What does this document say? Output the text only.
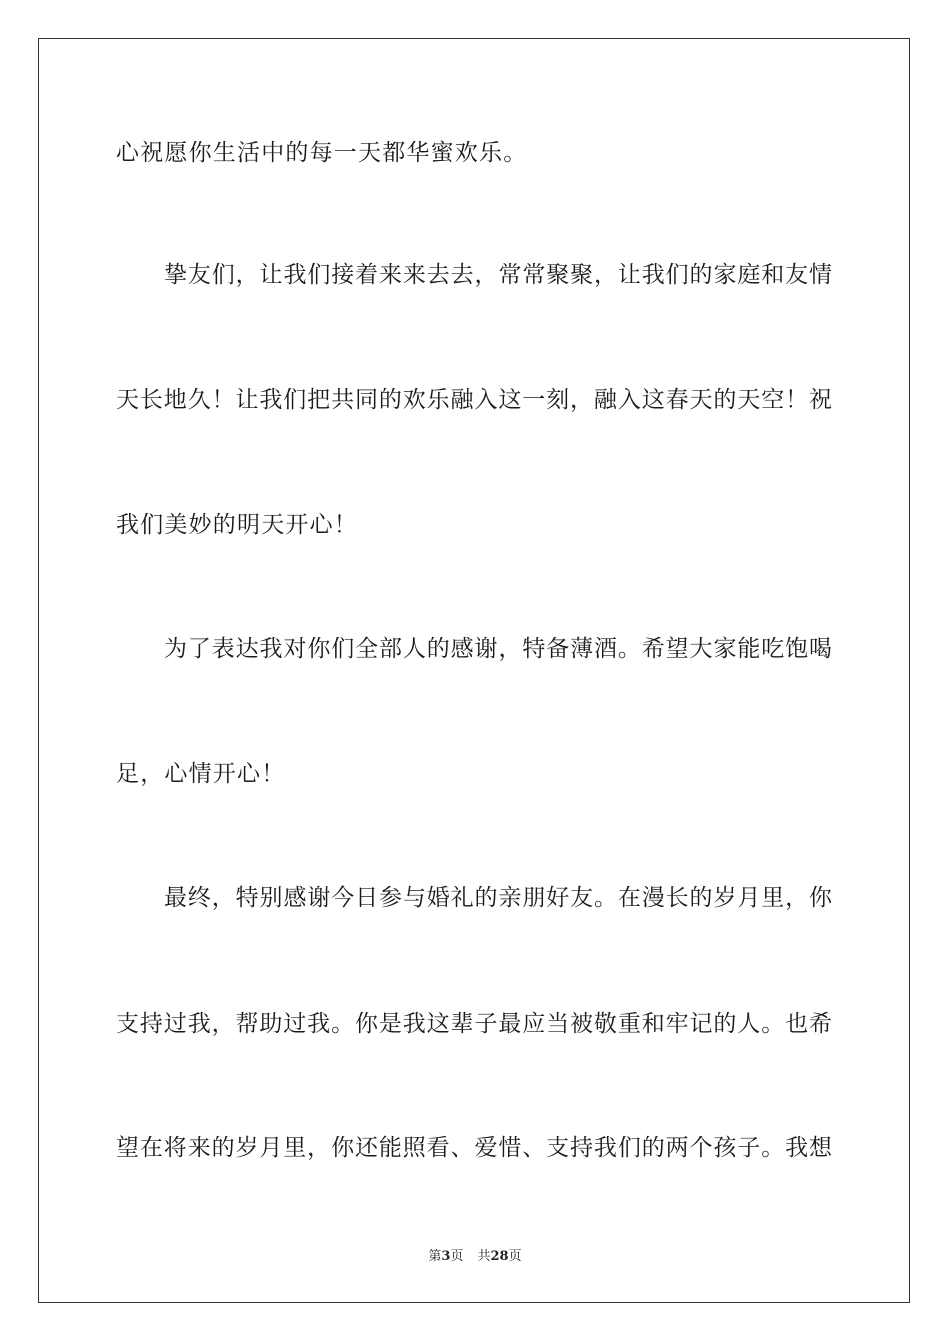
心祝愿你生活中的每一天都华蜜欢乐。
挚友们，让我们接着来来去去，常常聚聚，让我们的家庭和友情
天长地久！让我们把共同的欢乐融入这一刻，融入这春天的天空！祝
我们美妙的明天开心！
为了表达我对你们全部人的感谢，特备薄酒。希望大家能吃饱喝
足，心情开心！
最终，特别感谢今日参与婚礼的亲朋好友。在漫长的岁月里，你
支持过我，帮助过我。你是我这辈子最应当被敬重和牢记的人。也希
望在将来的岁月里，你还能照看、爱惜、支持我们的两个孩子。我想
第3页 共28页
